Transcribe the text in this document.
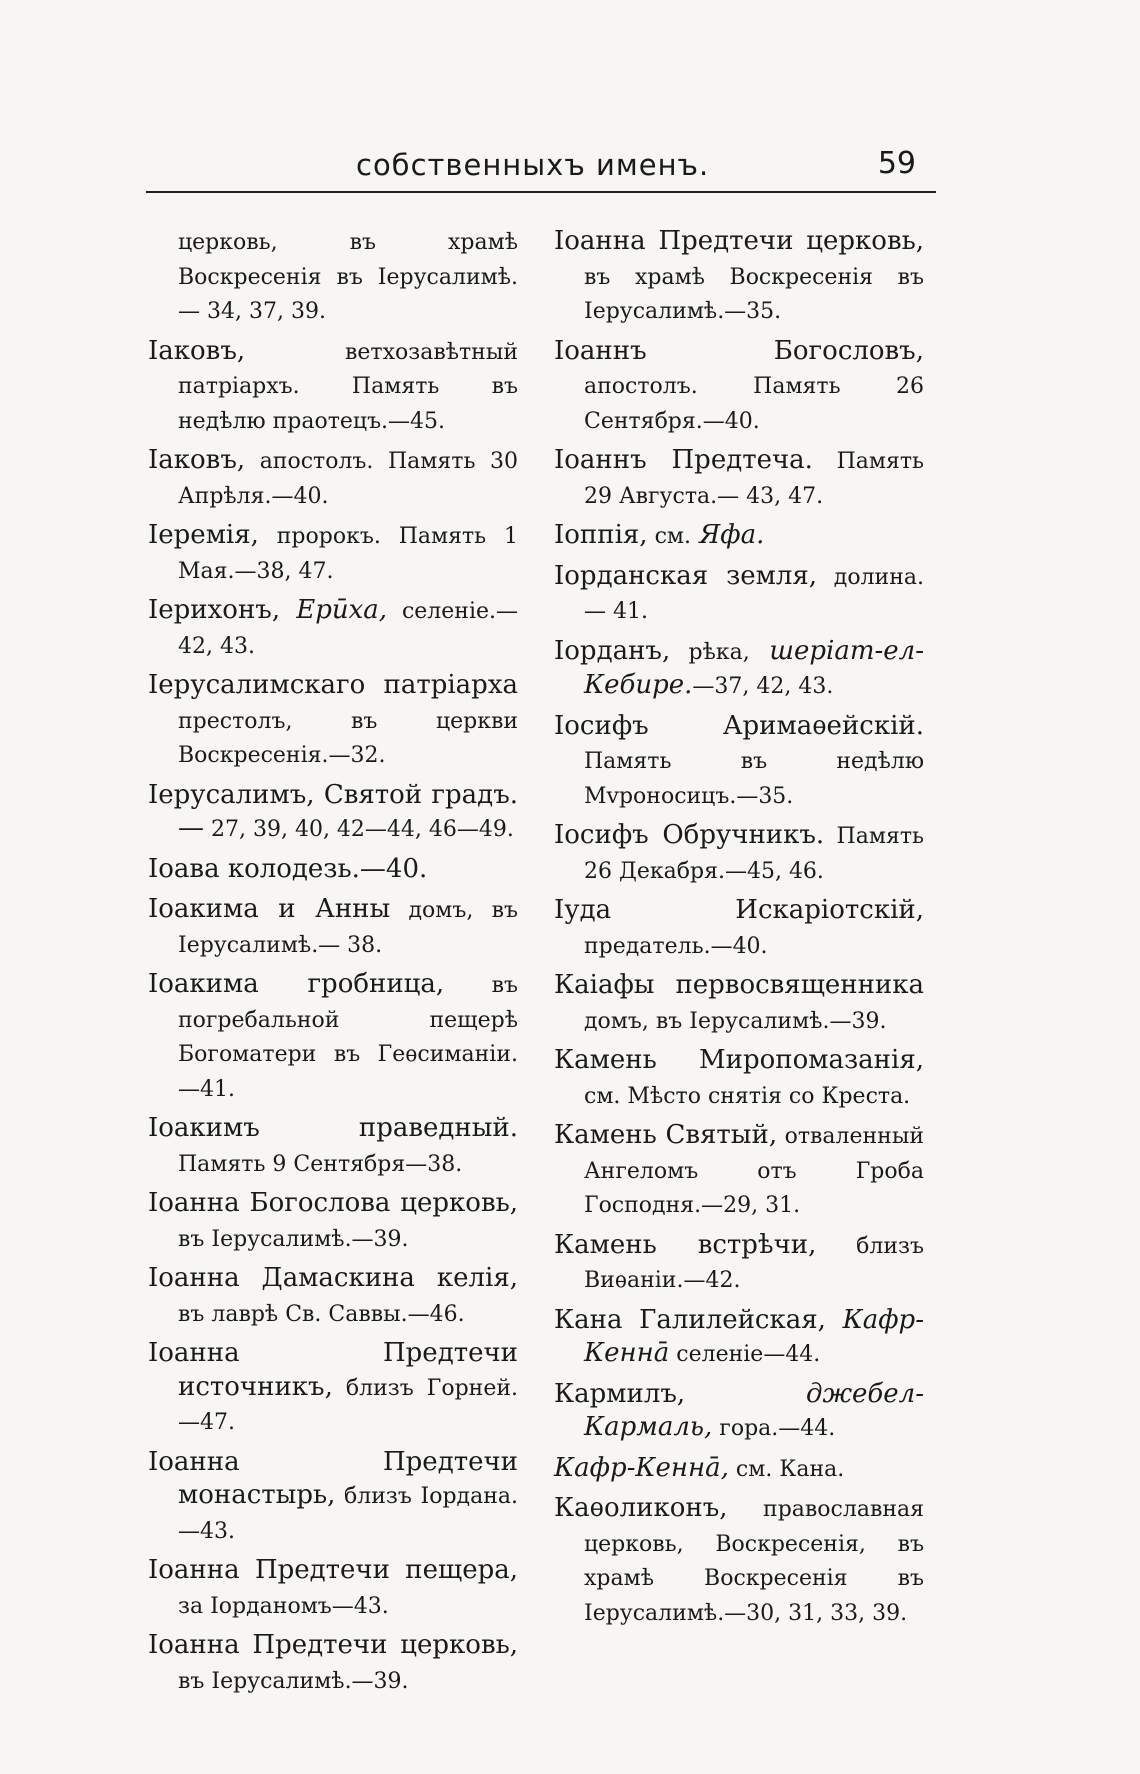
собственныхъ именъ.	59

церковь, въ храмѣ Воскресенія въ Іерусалимѣ.— 34, 37, 39.

Іаковъ, ветхозавѣтный патріархъ. Память въ недѣлю праотецъ.—45.

Іаковъ, апостолъ. Память 30 Апрѣля.—40.

Іеремія, пророкъ. Память 1 Мая.—38, 47.

Іерихонъ, Ерūха, селеніе.— 42, 43.

Іерусалимскаго патріарха престолъ, въ церкви Воскресенія.—32.

Іерусалимъ, Святой градъ.— 27, 39, 40, 42—44, 46—49.

Іоава колодезь.—40.

Іоакима и Анны домъ, въ Іерусалимѣ.— 38.

Іоакима гробница, въ погребальной пещерѣ Богоматери въ Геѳсиманіи.—41.

Іоакимъ праведный. Память 9 Сентября—38.

Іоанна Богослова церковь, въ Іерусалимѣ.—39.

Іоанна Дамаскина келія, въ лаврѣ Св. Саввы.—46.

Іоанна Предтечи источникъ, близъ Горней.—47.

Іоанна Предтечи монастырь, близъ Іордана.—43.

Іоанна Предтечи пещера, за Іорданомъ—43.

Іоанна Предтечи церковь, въ Іерусалимѣ.—39.

Іоанна Предтечи церковь, въ храмѣ Воскресенія въ Іерусалимѣ.—35.

Іоаннъ Богословъ, апостолъ. Память 26 Сентября.—40.

Іоаннъ Предтеча. Память 29 Августа.— 43, 47.

Іоппія, см. Яфа.

Іорданская земля, долина.— 41.

Іорданъ, рѣка, шеріат-ел-Кебире.—37, 42, 43.

Іосифъ Аримаѳейскій. Память въ недѣлю Мvроносицъ.—35.

Іосифъ Обручникъ. Память 26 Декабря.—45, 46.

Іуда Искаріотскій, предатель.—40.

Каіафы первосвященника домъ, въ Іерусалимѣ.—39.

Камень Миропомазанія, см. Мѣсто снятія со Креста.

Камень Святый, отваленный Ангеломъ отъ Гроба Господня.—29, 31.

Камень встрѣчи, близъ Виѳаніи.—42.

Кана Галилейская, Кафр-Кеннā селеніе—44.

Кармилъ, джебел-Кармаль, гора.—44.

Кафр-Кеннā, см. Кана.

Каѳоликонъ, православная церковь, Воскресенія, въ храмѣ Воскресенія въ Іерусалимѣ.—30, 31, 33, 39.
